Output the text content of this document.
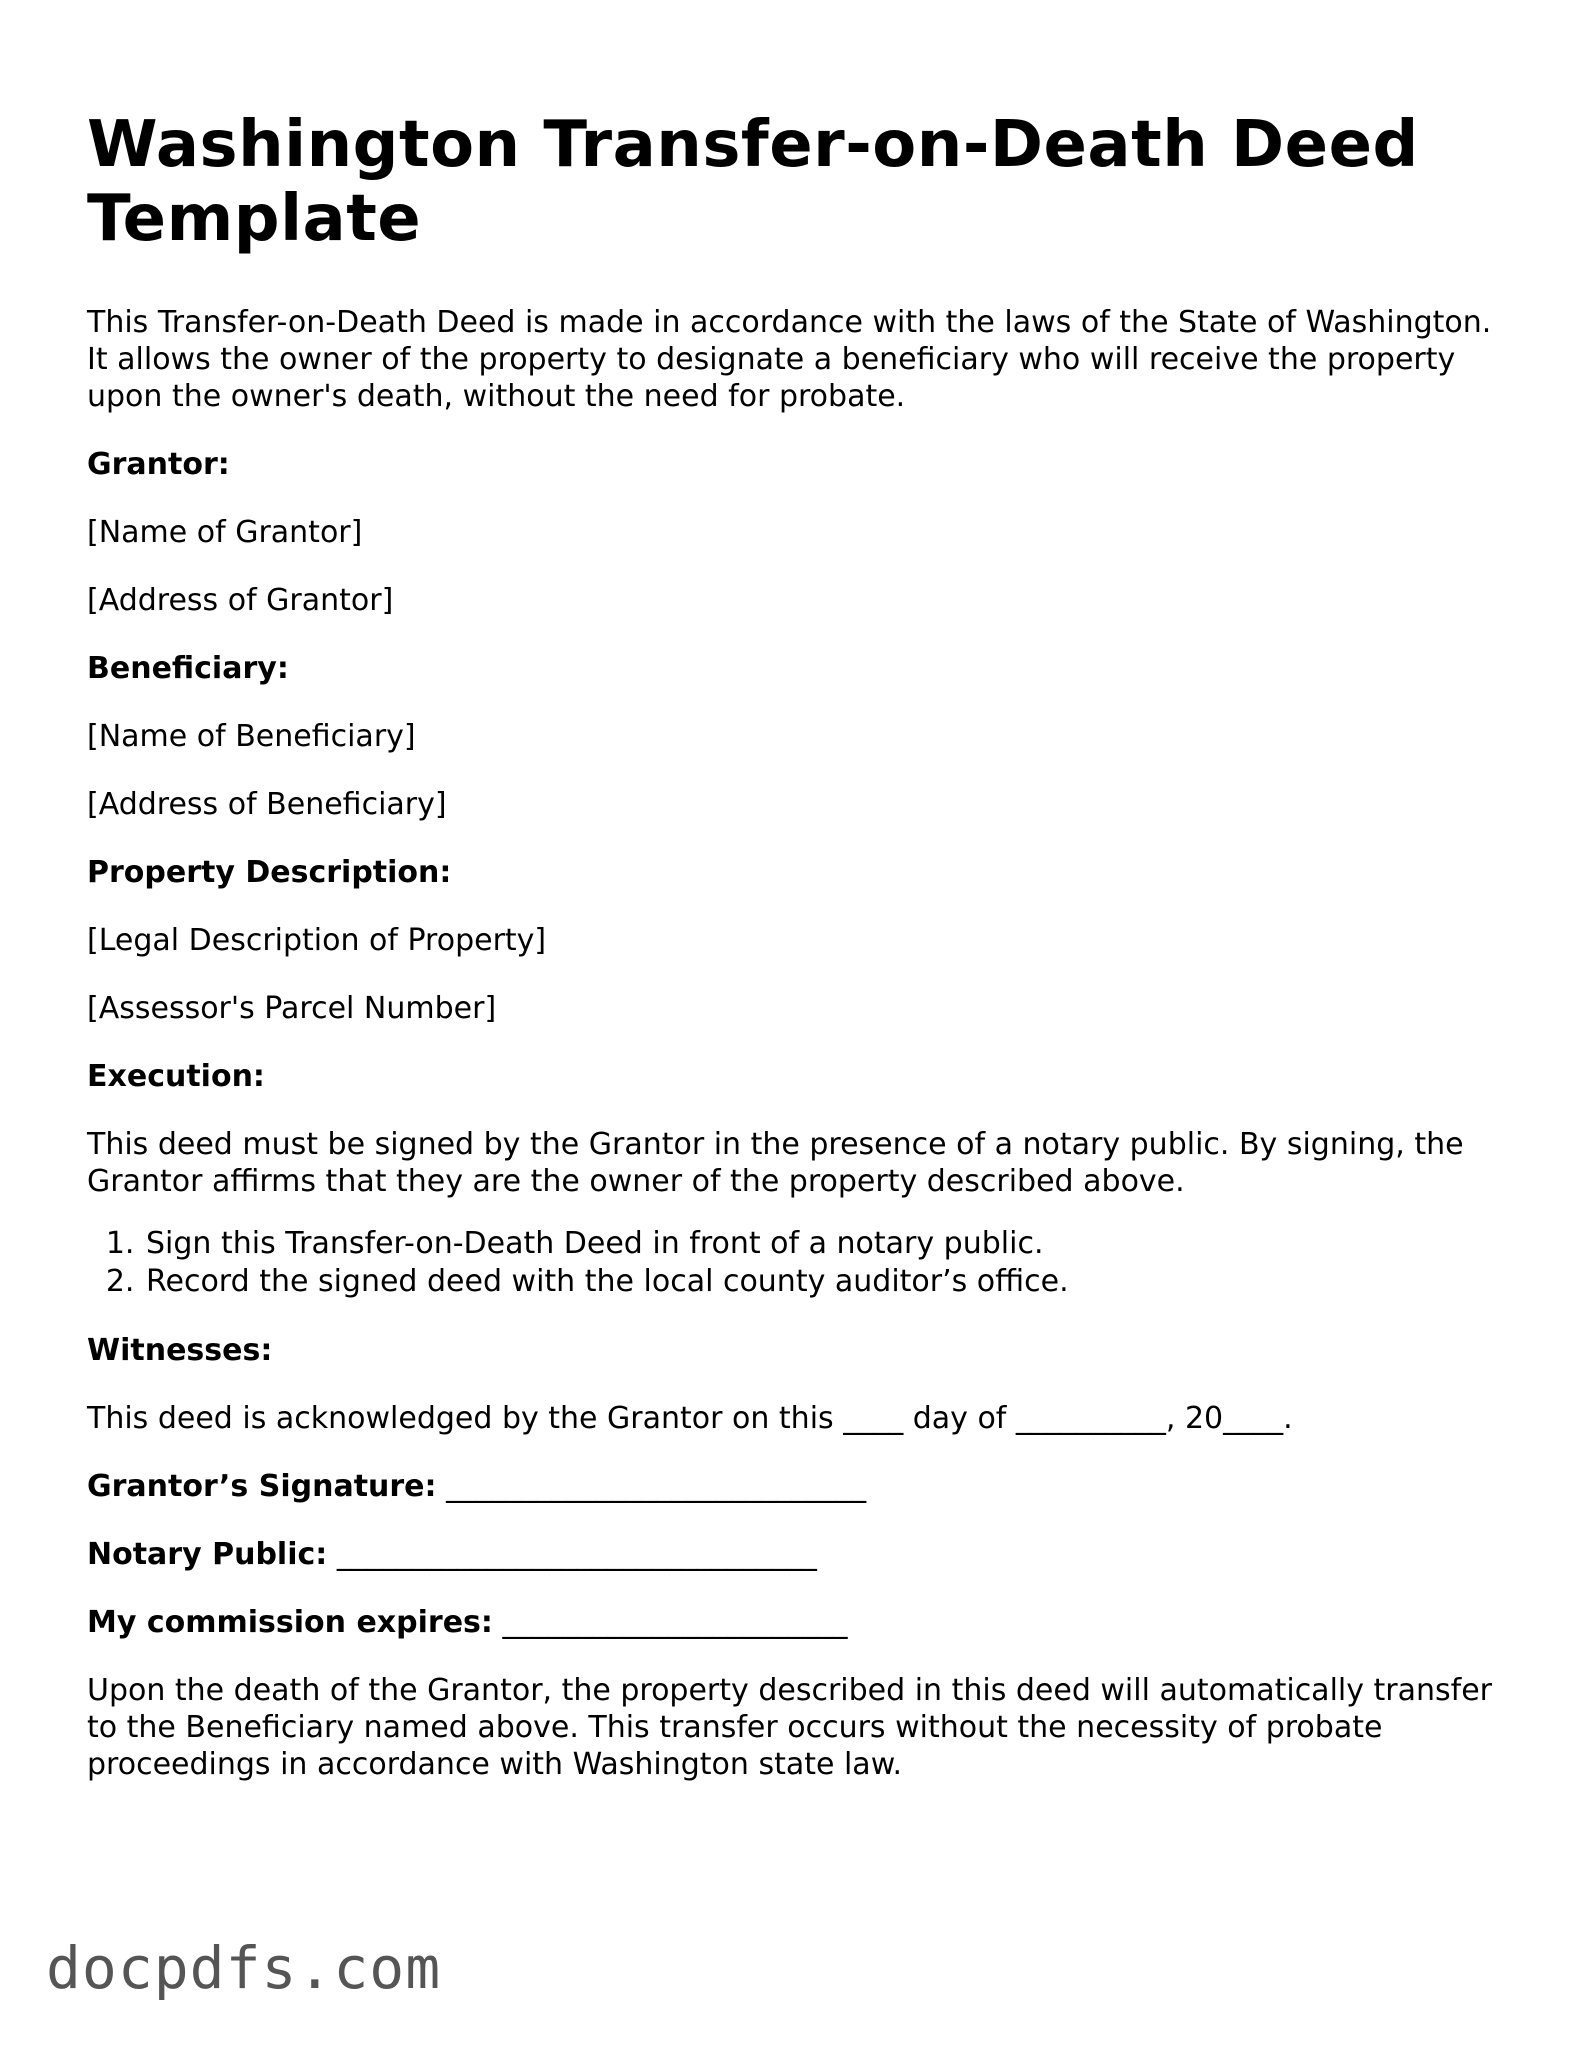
Washington Transfer-on-Death Deed Template

This Transfer-on-Death Deed is made in accordance with the laws of the State of Washington. It allows the owner of the property to designate a beneficiary who will receive the property upon the owner's death, without the need for probate.

Grantor:

[Name of Grantor]

[Address of Grantor]

Beneficiary:

[Name of Beneficiary]

[Address of Beneficiary]

Property Description:

[Legal Description of Property]

[Assessor's Parcel Number]

Execution:

This deed must be signed by the Grantor in the presence of a notary public. By signing, the Grantor affirms that they are the owner of the property described above.

1. Sign this Transfer-on-Death Deed in front of a notary public.
2. Record the signed deed with the local county auditor’s office.

Witnesses:

This deed is acknowledged by the Grantor on this ____ day of __________, 20____.

Grantor’s Signature: ____________________________

Notary Public: ________________________________

My commission expires: _______________________

Upon the death of the Grantor, the property described in this deed will automatically transfer to the Beneficiary named above. This transfer occurs without the necessity of probate proceedings in accordance with Washington state law.

docpdfs.com
